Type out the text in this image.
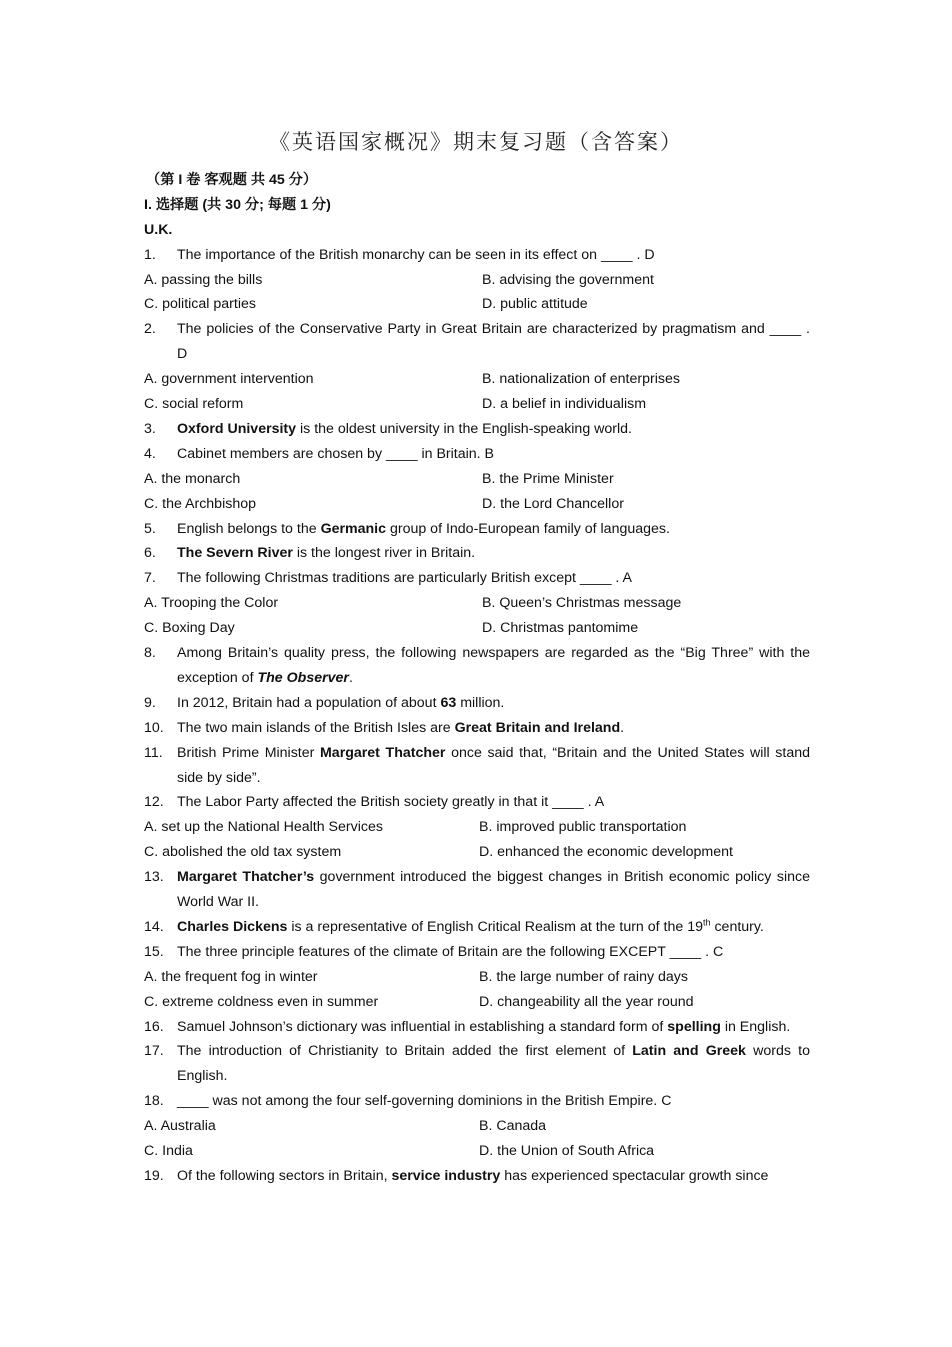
《英语国家概况》期末复习题（含答案）
（第 I 卷 客观题 共 45 分）
I. 选择题 (共 30 分; 每题 1 分)
U.K.
1. The importance of the British monarchy can be seen in its effect on ____ . D
A. passing the bills	B. advising the government
C. political parties	D. public attitude
2. The policies of the Conservative Party in Great Britain are characterized by pragmatism and ____ . D
A. government intervention	B. nationalization of enterprises
C. social reform	D. a belief in individualism
3. Oxford University is the oldest university in the English-speaking world.
4. Cabinet members are chosen by ____ in Britain. B
A. the monarch	B. the Prime Minister
C. the Archbishop	D. the Lord Chancellor
5. English belongs to the Germanic group of Indo-European family of languages.
6. The Severn River is the longest river in Britain.
7. The following Christmas traditions are particularly British except ____ . A
A. Trooping the Color	B. Queen’s Christmas message
C. Boxing Day	D. Christmas pantomime
8. Among Britain’s quality press, the following newspapers are regarded as the “Big Three” with the exception of The Observer.
9. In 2012, Britain had a population of about 63 million.
10. The two main islands of the British Isles are Great Britain and Ireland.
11. British Prime Minister Margaret Thatcher once said that, “Britain and the United States will stand side by side”.
12. The Labor Party affected the British society greatly in that it ____ . A
A. set up the National Health Services	B. improved public transportation
C. abolished the old tax system	D. enhanced the economic development
13. Margaret Thatcher’s government introduced the biggest changes in British economic policy since World War II.
14. Charles Dickens is a representative of English Critical Realism at the turn of the 19th century.
15. The three principle features of the climate of Britain are the following EXCEPT ____ . C
A. the frequent fog in winter	B. the large number of rainy days
C. extreme coldness even in summer	D. changeability all the year round
16. Samuel Johnson’s dictionary was influential in establishing a standard form of spelling in English.
17. The introduction of Christianity to Britain added the first element of Latin and Greek words to English.
18. ____ was not among the four self-governing dominions in the British Empire. C
A. Australia	B. Canada
C. India	D. the Union of South Africa
19. Of the following sectors in Britain, service industry has experienced spectacular growth since
